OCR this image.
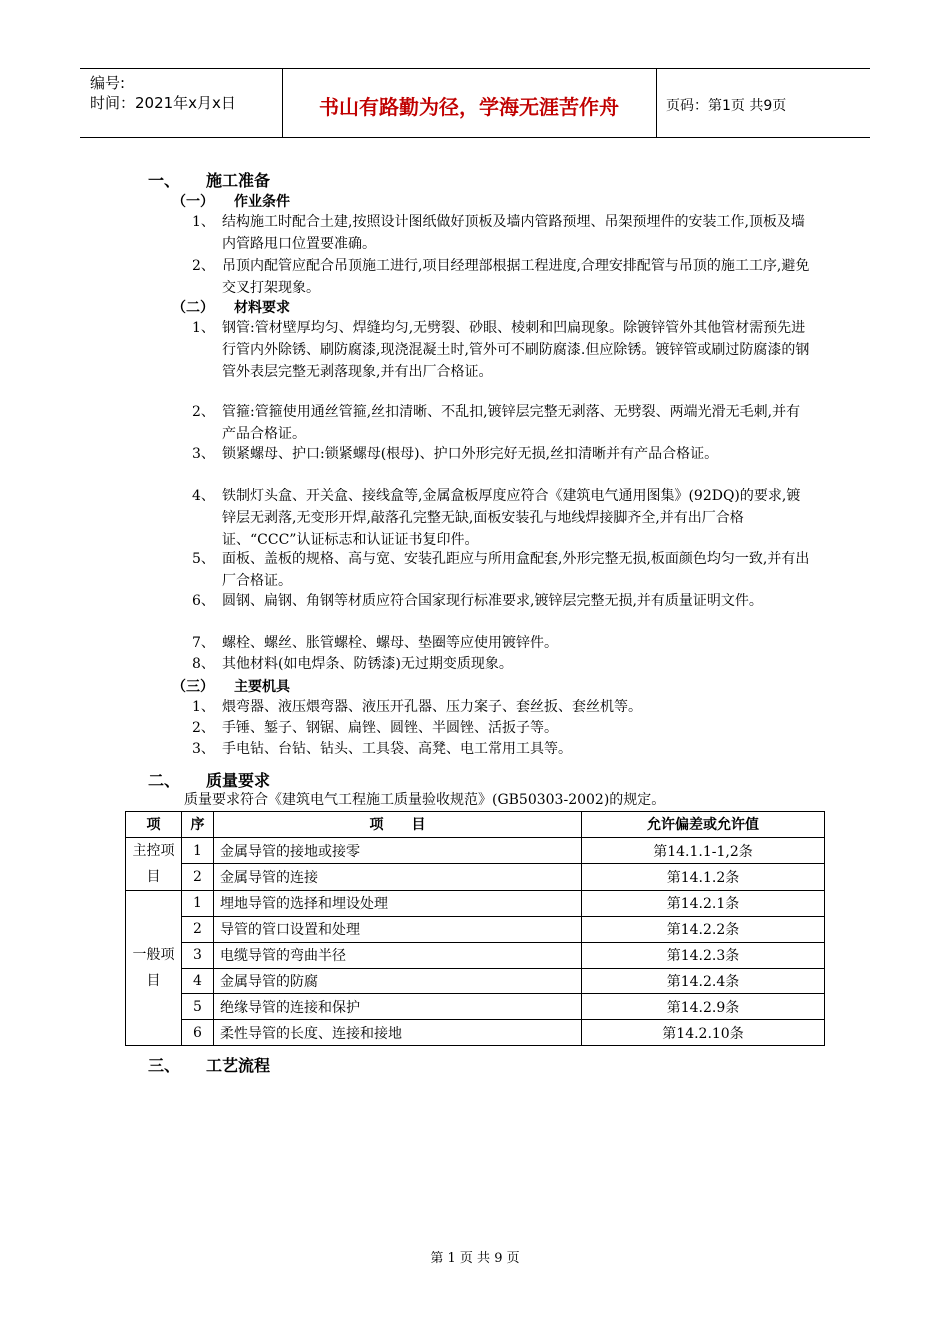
编号:
时间：2021年x月x日	书山有路勤为径，学海无涯苦作舟	页码：第1页 共9页
一、 施工准备
（一） 作业条件
1、 结构施工时配合土建,按照设计图纸做好顶板及墙内管路预埋、吊架预埋件的安装工作,顶板及墙内管路甩口位置要准确。
2、 吊顶内配管应配合吊顶施工进行,项目经理部根据工程进度,合理安排配管与吊顶的施工工序,避免交叉打架现象。
（二） 材料要求
1、 钢管:管材壁厚均匀、焊缝均匀,无劈裂、砂眼、棱刺和凹扁现象。除镀锌管外其他管材需预先进行管内外除锈、刷防腐漆,现浇混凝土时,管外可不刷防腐漆.但应除锈。镀锌管或刷过防腐漆的钢管外表层完整无剥落现象,并有出厂合格证。
2、 管箍:管箍使用通丝管箍,丝扣清晰、不乱扣,镀锌层完整无剥落、无劈裂、两端光滑无毛刺,并有产品合格证。
3、 锁紧螺母、护口:锁紧螺母(根母)、护口外形完好无损,丝扣清晰并有产品合格证。
4、 铁制灯头盒、开关盒、接线盒等,金属盒板厚度应符合《建筑电气通用图集》(92DQ)的要求,镀锌层无剥落,无变形开焊,敲落孔完整无缺,面板安装孔与地线焊接脚齐全,并有出厂合格证、“CCC”认证标志和认证证书复印件。
5、 面板、盖板的规格、高与宽、安装孔距应与所用盒配套,外形完整无损,板面颜色均匀一致,并有出厂合格证。
6、 圆钢、扁钢、角钢等材质应符合国家现行标准要求,镀锌层完整无损,并有质量证明文件。
7、 螺栓、螺丝、胀管螺栓、螺母、垫圈等应使用镀锌件。
8、 其他材料(如电焊条、防锈漆)无过期变质现象。
（三） 主要机具
1、 煨弯器、液压煨弯器、液压开孔器、压力案子、套丝扳、套丝机等。
2、 手锤、錾子、钢锯、扁锉、圆锉、半圆锉、活扳子等。
3、 手电钻、台钻、钻头、工具袋、高凳、电工常用工具等。
二、 质量要求
质量要求符合《建筑电气工程施工质量验收规范》(GB50303-2002)的规定。
项	序	项　　目	允许偏差或允许值
主控项目	1	金属导管的接地或接零	第14.1.1-1,2条
	2	金属导管的连接	第14.1.2条
一般项目	1	埋地导管的选择和埋设处理	第14.2.1条
	2	导管的管口设置和处理	第14.2.2条
	3	电缆导管的弯曲半径	第14.2.3条
	4	金属导管的防腐	第14.2.4条
	5	绝缘导管的连接和保护	第14.2.9条
	6	柔性导管的长度、连接和接地	第14.2.10条
三、 工艺流程
第 1 页 共 9 页
